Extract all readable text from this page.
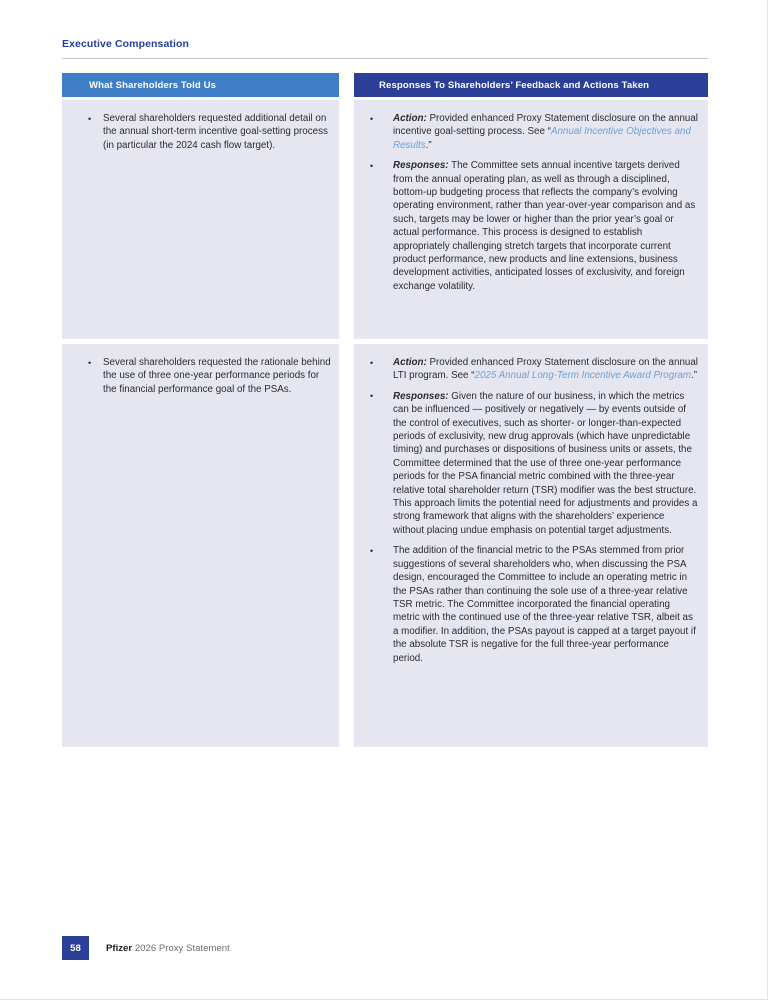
Executive Compensation
What Shareholders Told Us	Responses To Shareholders’ Feedback and Actions Taken
•
Several shareholders requested additional detail on the annual short-term incentive goal-setting process (in particular the 2024 cash flow target).
•
Action: Provided enhanced Proxy Statement disclosure on the annual incentive goal-setting process. See “Annual Incentive Objectives and Results.”
•
Responses: The Committee sets annual incentive targets derived from the annual operating plan, as well as through a disciplined, bottom-up budgeting process that reflects the company’s evolving operating environment, rather than year-over-year comparison and as such, targets may be lower or higher than the prior year’s goal or actual performance. This process is designed to establish appropriately challenging stretch targets that incorporate current product performance, new products and line extensions, business development activities, anticipated losses of exclusivity, and foreign exchange volatility.
•
Several shareholders requested the rationale behind the use of three one-year performance periods for the financial performance goal of the PSAs.
•
Action: Provided enhanced Proxy Statement disclosure on the annual LTI program. See “2025 Annual Long-Term Incentive Award Program.”
•
Responses: Given the nature of our business, in which the metrics can be influenced — positively or negatively — by events outside of the control of executives, such as shorter- or longer-than-expected periods of exclusivity, new drug approvals (which have unpredictable timing) and purchases or dispositions of business units or assets, the Committee determined that the use of three one-year performance periods for the PSA financial metric combined with the three-year relative total shareholder return (TSR) modifier was the best structure. This approach limits the potential need for adjustments and provides a strong framework that aligns with the shareholders’ experience without placing undue emphasis on potential target adjustments.
•
The addition of the financial metric to the PSAs stemmed from prior suggestions of several shareholders who, when discussing the PSA design, encouraged the Committee to include an operating metric in the PSAs rather than continuing the sole use of a three-year relative TSR metric. The Committee incorporated the financial operating metric with the continued use of the three-year relative TSR, albeit as a modifier. In addition, the PSAs payout is capped at a target payout if the absolute TSR is negative for the full three-year performance period.
58	Pfizer 2026 Proxy Statement
